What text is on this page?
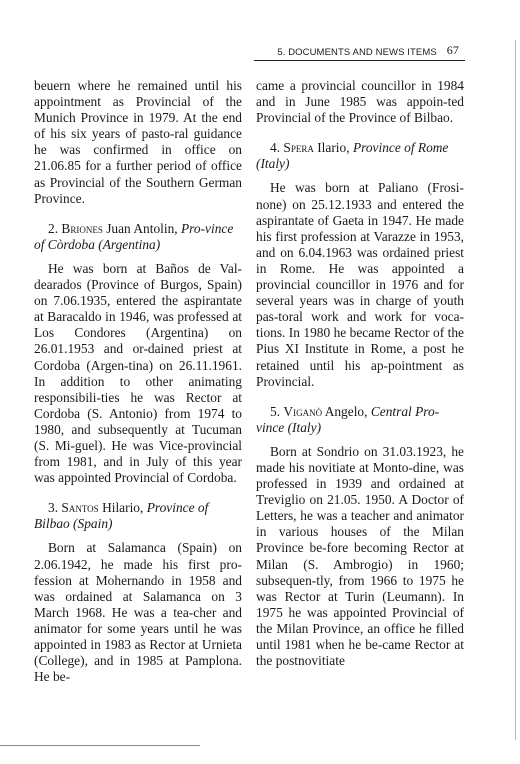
5. DOCUMENTS AND NEWS ITEMS 67

beuern where he remained until his appointment as Provincial of the Munich Province in 1979. At the end of his six years of pasto-ral guidance he was confirmed in office on 21.06.85 for a further period of office as Provincial of the Southern German Province.

2. Briones Juan Antolin, Pro-vince of Còrdoba (Argentina)

He was born at Baños de Val-dearados (Province of Burgos, Spain) on 7.06.1935, entered the aspirantate at Baracaldo in 1946, was professed at Los Condores (Argentina) on 26.01.1953 and or-dained priest at Cordoba (Argen-tina) on 26.11.1961. In addition to other animating responsibili-ties he was Rector at Cordoba (S. Antonio) from 1974 to 1980, and subsequently at Tucuman (S. Mi-guel). He was Vice-provincial from 1981, and in July of this year was appointed Provincial of Cordoba.

3. Santos Hilario, Province of Bilbao (Spain)

Born at Salamanca (Spain) on 2.06.1942, he made his first pro-fession at Mohernando in 1958 and was ordained at Salamanca on 3 March 1968. He was a tea-cher and animator for some years until he was appointed in 1983 as Rector at Urnieta (College), and in 1985 at Pamplona. He be-

came a provincial councillor in 1984 and in June 1985 was appoin-ted Provincial of the Province of Bilbao.

4. Spera Ilario, Province of Rome (Italy)

He was born at Paliano (Frosi-none) on 25.12.1933 and entered the aspirantate of Gaeta in 1947. He made his first profession at Varazze in 1953, and on 6.04.1963 was ordained priest in Rome. He was appointed a provincial councillor in 1976 and for several years was in charge of youth pas-toral work and work for voca-tions. In 1980 he became Rector of the Pius XI Institute in Rome, a post he retained until his ap-pointment as Provincial.

5. Viganò Angelo, Central Pro-vince (Italy)

Born at Sondrio on 31.03.1923, he made his novitiate at Monto-dine, was professed in 1939 and ordained at Treviglio on 21.05. 1950. A Doctor of Letters, he was a teacher and animator in various houses of the Milan Province be-fore becoming Rector at Milan (S. Ambrogio) in 1960; subsequen-tly, from 1966 to 1975 he was Rector at Turin (Leumann). In 1975 he was appointed Provincial of the Milan Province, an office he filled until 1981 when he be-came Rector at the postnovitiate
